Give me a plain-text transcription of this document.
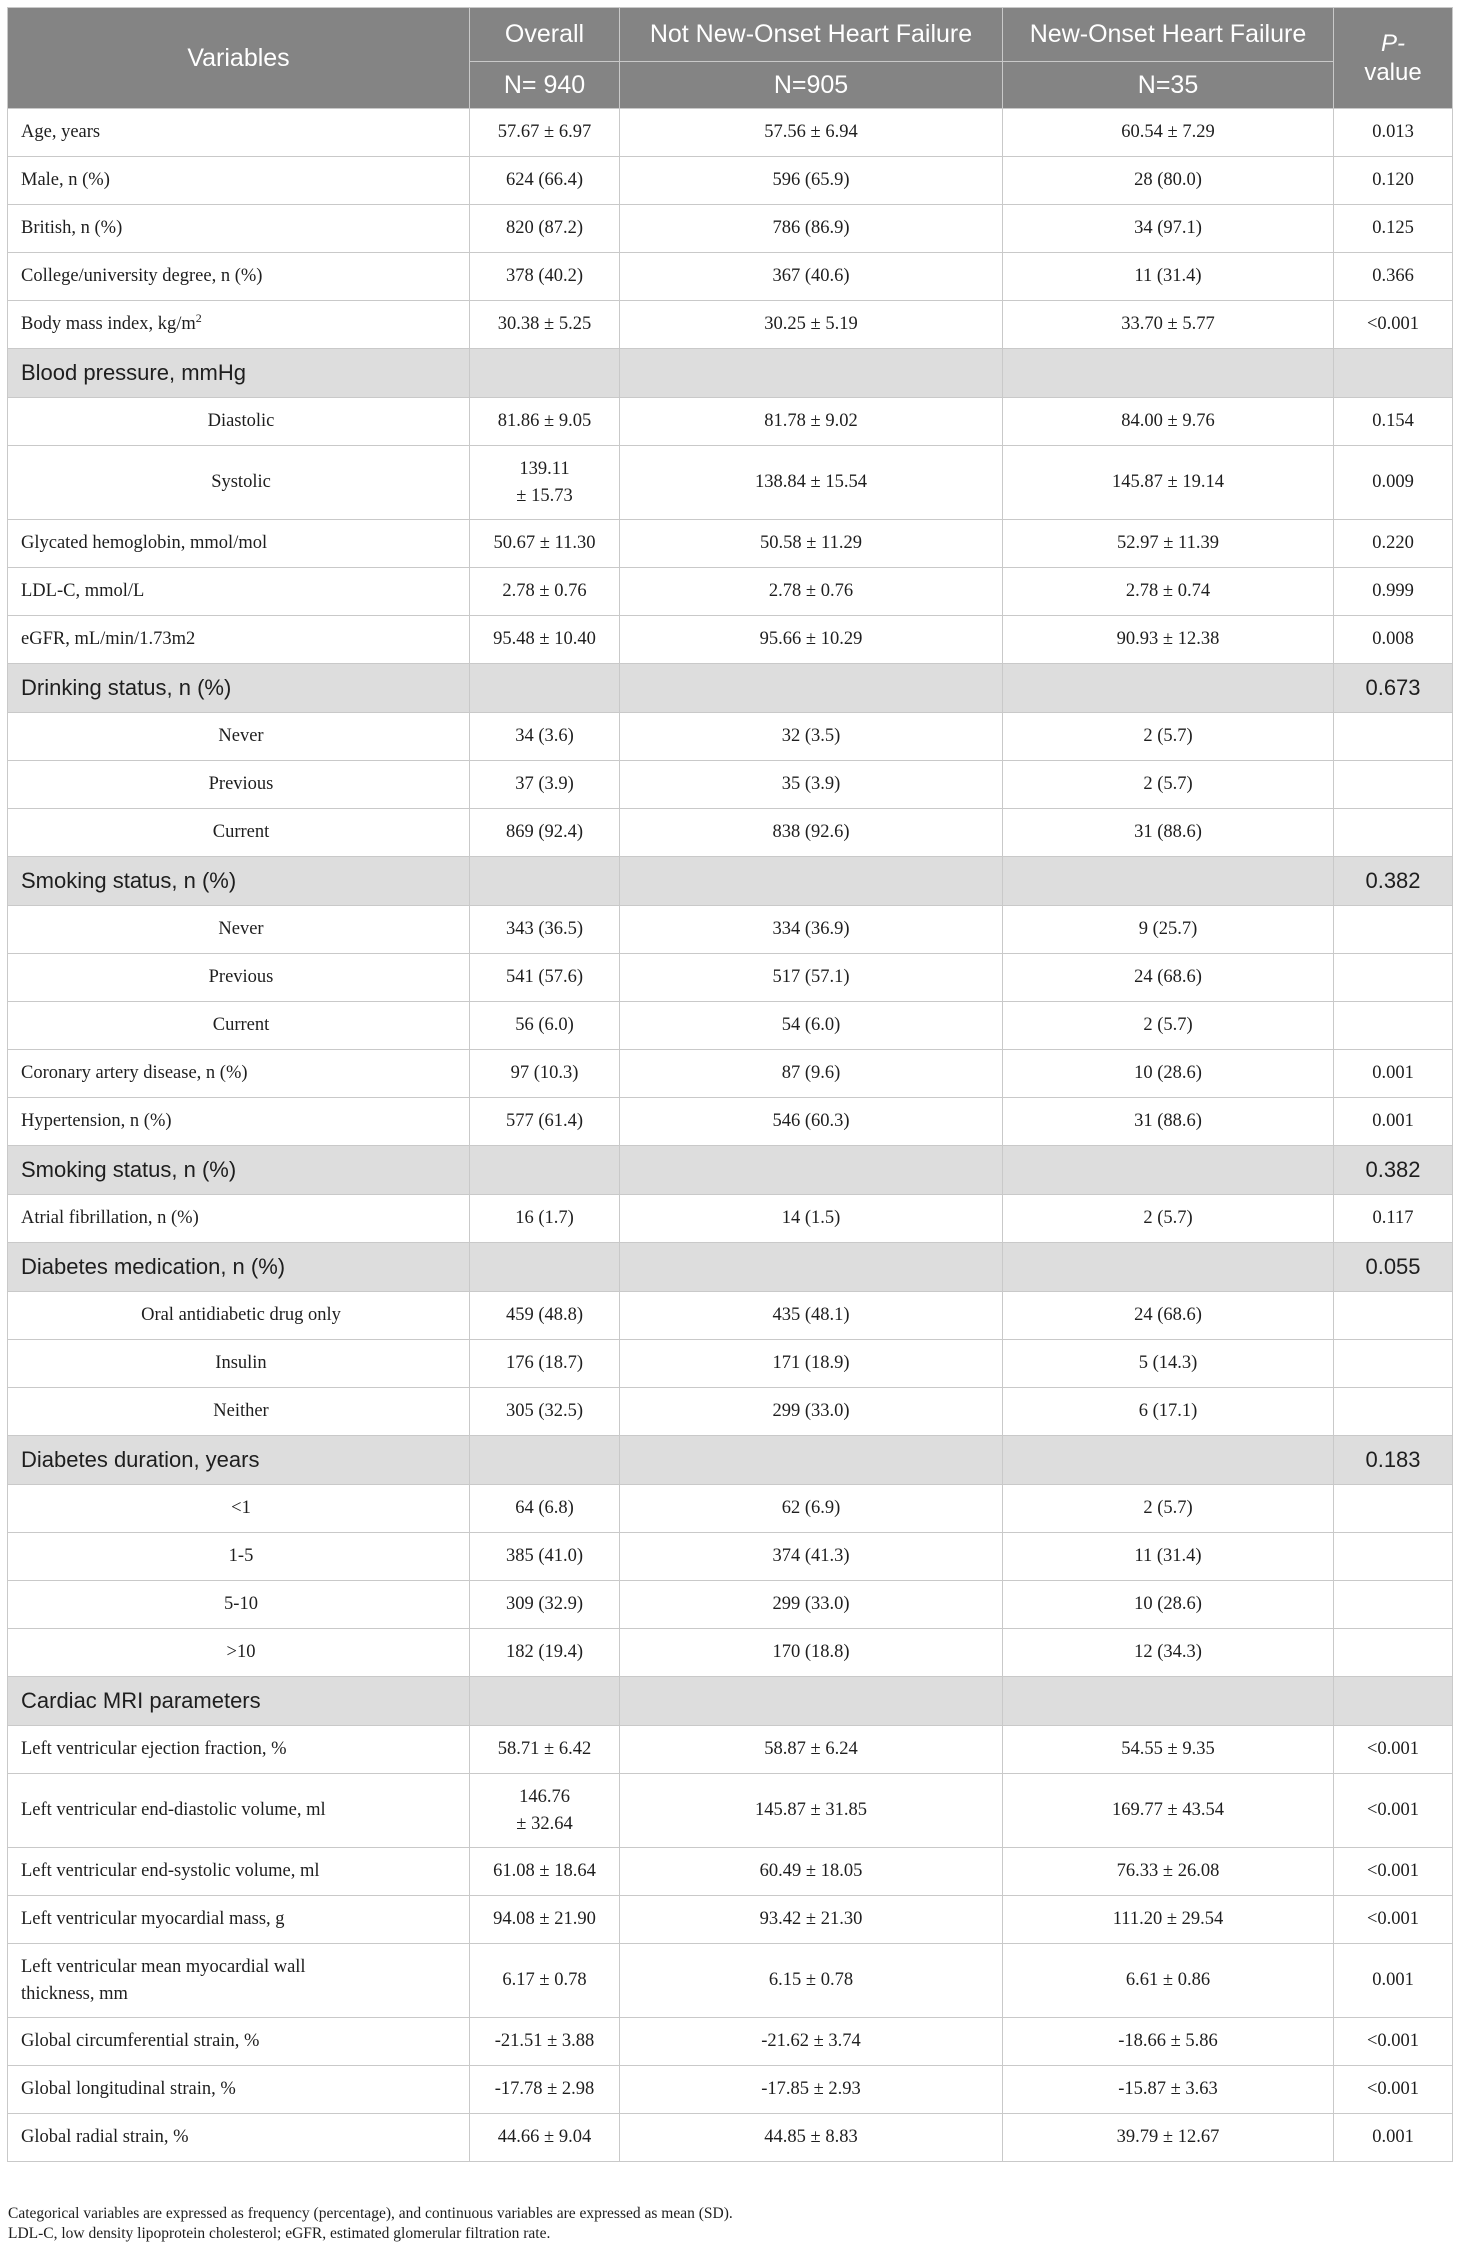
Variables	Overall	Not New-Onset Heart Failure	New-Onset Heart Failure	P-
value
	N= 940	N=905	N=35	
Age, years	57.67 ± 6.97	57.56 ± 6.94	60.54 ± 7.29	0.013
Male, n (%)	624 (66.4)	596 (65.9)	28 (80.0)	0.120
British, n (%)	820 (87.2)	786 (86.9)	34 (97.1)	0.125
College/university degree, n (%)	378 (40.2)	367 (40.6)	11 (31.4)	0.366
Body mass index, $kg/m^2$	30.38 ± 5.25	30.25 ± 5.19	33.70 ± 5.77	<0.001
Blood pressure, mmHg				
Diastolic	81.86 ± 9.05	81.78 ± 9.02	84.00 ± 9.76	0.154
Systolic	139.11
± 15.73	138.84 ± 15.54	145.87 ± 19.14	0.009
Glycated hemoglobin, mmol/mol	50.67 ± 11.30	50.58 ± 11.29	52.97 ± 11.39	0.220
LDL-C, mmol/L	2.78 ± 0.76	2.78 ± 0.76	2.78 ± 0.74	0.999
eGFR, mL/min/1.73m2	95.48 ± 10.40	95.66 ± 10.29	90.93 ± 12.38	0.008
Drinking status, n (%)				0.673
Never	34 (3.6)	32 (3.5)	2 (5.7)	
Previous	37 (3.9)	35 (3.9)	2 (5.7)	
Current	869 (92.4)	838 (92.6)	31 (88.6)	
Smoking status, n (%)				0.382
Never	343 (36.5)	334 (36.9)	9 (25.7)	
Previous	541 (57.6)	517 (57.1)	24 (68.6)	
Current	56 (6.0)	54 (6.0)	2 (5.7)	
Coronary artery disease, n (%)	97 (10.3)	87 (9.6)	10 (28.6)	0.001
Hypertension, n (%)	577 (61.4)	546 (60.3)	31 (88.6)	0.001
Smoking status, n (%)				0.382
Atrial fibrillation, n (%)	16 (1.7)	14 (1.5)	2 (5.7)	0.117
Diabetes medication, n (%)				0.055
Oral antidiabetic drug only	459 (48.8)	435 (48.1)	24 (68.6)	
Insulin	176 (18.7)	171 (18.9)	5 (14.3)	
Neither	305 (32.5)	299 (33.0)	6 (17.1)	
Diabetes duration, years				0.183
<1	64 (6.8)	62 (6.9)	2 (5.7)	
1-5	385 (41.0)	374 (41.3)	11 (31.4)	
5-10	309 (32.9)	299 (33.0)	10 (28.6)	
>10	182 (19.4)	170 (18.8)	12 (34.3)	
Cardiac MRI parameters				
Left ventricular ejection fraction, %	58.71 ± 6.42	58.87 ± 6.24	54.55 ± 9.35	<0.001
Left ventricular end-diastolic volume, ml	146.76
± 32.64	145.87 ± 31.85	169.77 ± 43.54	<0.001
Left ventricular end-systolic volume, ml	61.08 ± 18.64	60.49 ± 18.05	76.33 ± 26.08	<0.001
Left ventricular myocardial mass, g	94.08 ± 21.90	93.42 ± 21.30	111.20 ± 29.54	<0.001
Left ventricular mean myocardial wall
thickness, mm	6.17 ± 0.78	6.15 ± 0.78	6.61 ± 0.86	0.001
Global circumferential strain, %	-21.51 ± 3.88	-21.62 ± 3.74	-18.66 ± 5.86	<0.001
Global longitudinal strain, %	-17.78 ± 2.98	-17.85 ± 2.93	-15.87 ± 3.63	<0.001
Global radial strain, %	44.66 ± 9.04	44.85 ± 8.83	39.79 ± 12.67	0.001
Categorical variables are expressed as frequency (percentage), and continuous variables are expressed as mean (SD).
LDL-C, low density lipoprotein cholesterol; eGFR, estimated glomerular filtration rate.
